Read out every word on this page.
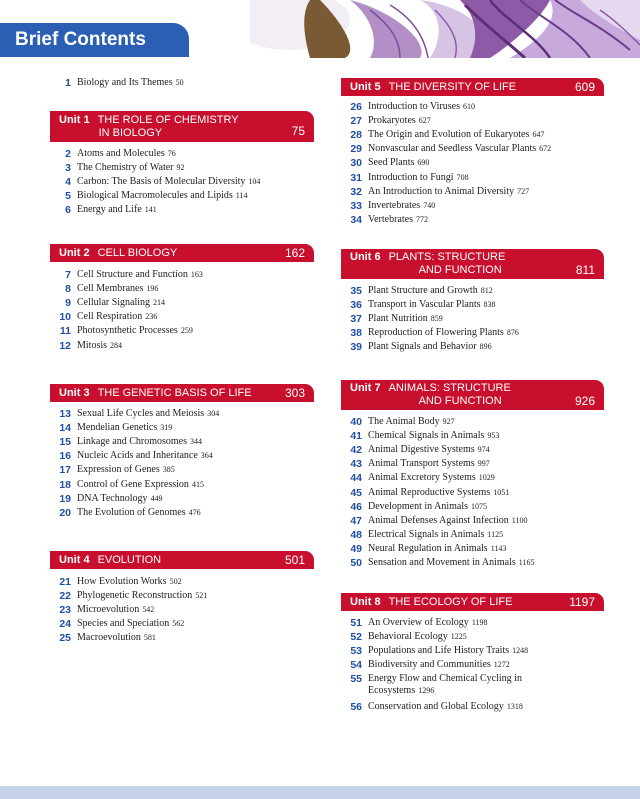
Brief Contents
1 Biology and Its Themes 50
Unit 1 THE ROLE OF CHEMISTRY
IN BIOLOGY	75
Unit 2 CELL BIOLOGY	162
Unit 3 THE GENETIC BASIS OF LIFE	303
Unit 4 EVOLUTION	501
2 Atoms and Molecules 76
3 The Chemistry of Water 92
4 Carbon: The Basis of Molecular Diversity 104
5 Biological Macromolecules and Lipids 114
6 Energy and Life 141
7 Cell Structure and Function 163
8 Cell Membranes 196
9 Cellular Signaling 214
10 Cell Respiration 236
11 Photosynthetic Processes 259
12 Mitosis 284
13 Sexual Life Cycles and Meiosis 304
14 Mendelian Genetics 319
15 Linkage and Chromosomes 344
16 Nucleic Acids and Inheritance 364
17 Expression of Genes 385
18 Control of Gene Expression 415
19 DNA Technology 449
20 The Evolution of Genomes 476
21 How Evolution Works 502
22 Phylogenetic Reconstruction 521
23 Microevolution 542
24 Species and Speciation 562
25 Macroevolution 581
Unit 5 THE DIVERSITY OF LIFE	609
Unit 6 PLANTS: STRUCTURE
AND FUNCTION	811
Unit 7 ANIMALS: STRUCTURE
AND FUNCTION	926
Unit 8 THE ECOLOGY OF LIFE	1197
26 Introduction to Viruses 610
27 Prokaryotes 627
28 The Origin and Evolution of Eukaryotes 647
29 Nonvascular and Seedless Vascular Plants 672
30 Seed Plants 690
31 Introduction to Fungi 708
32 An Introduction to Animal Diversity 727
33 Invertebrates 740
34 Vertebrates 772
35 Plant Structure and Growth 812
36 Transport in Vascular Plants 838
37 Plant Nutrition 859
38 Reproduction of Flowering Plants 876
39 Plant Signals and Behavior 896
40 The Animal Body 927
41 Chemical Signals in Animals 953
42 Animal Digestive Systems 974
43 Animal Transport Systems 997
44 Animal Excretory Systems 1029
45 Animal Reproductive Systems 1051
46 Development in Animals 1075
47 Animal Defenses Against Infection 1100
48 Electrical Signals in Animals 1125
49 Neural Regulation in Animals 1143
50 Sensation and Movement in Animals 1165
51 An Overview of Ecology 1198
52 Behavioral Ecology 1225
53 Populations and Life History Traits 1248
54 Biodiversity and Communities 1272
55 Energy Flow and Chemical Cycling in
Ecosystems 1296
56 Conservation and Global Ecology 1318
